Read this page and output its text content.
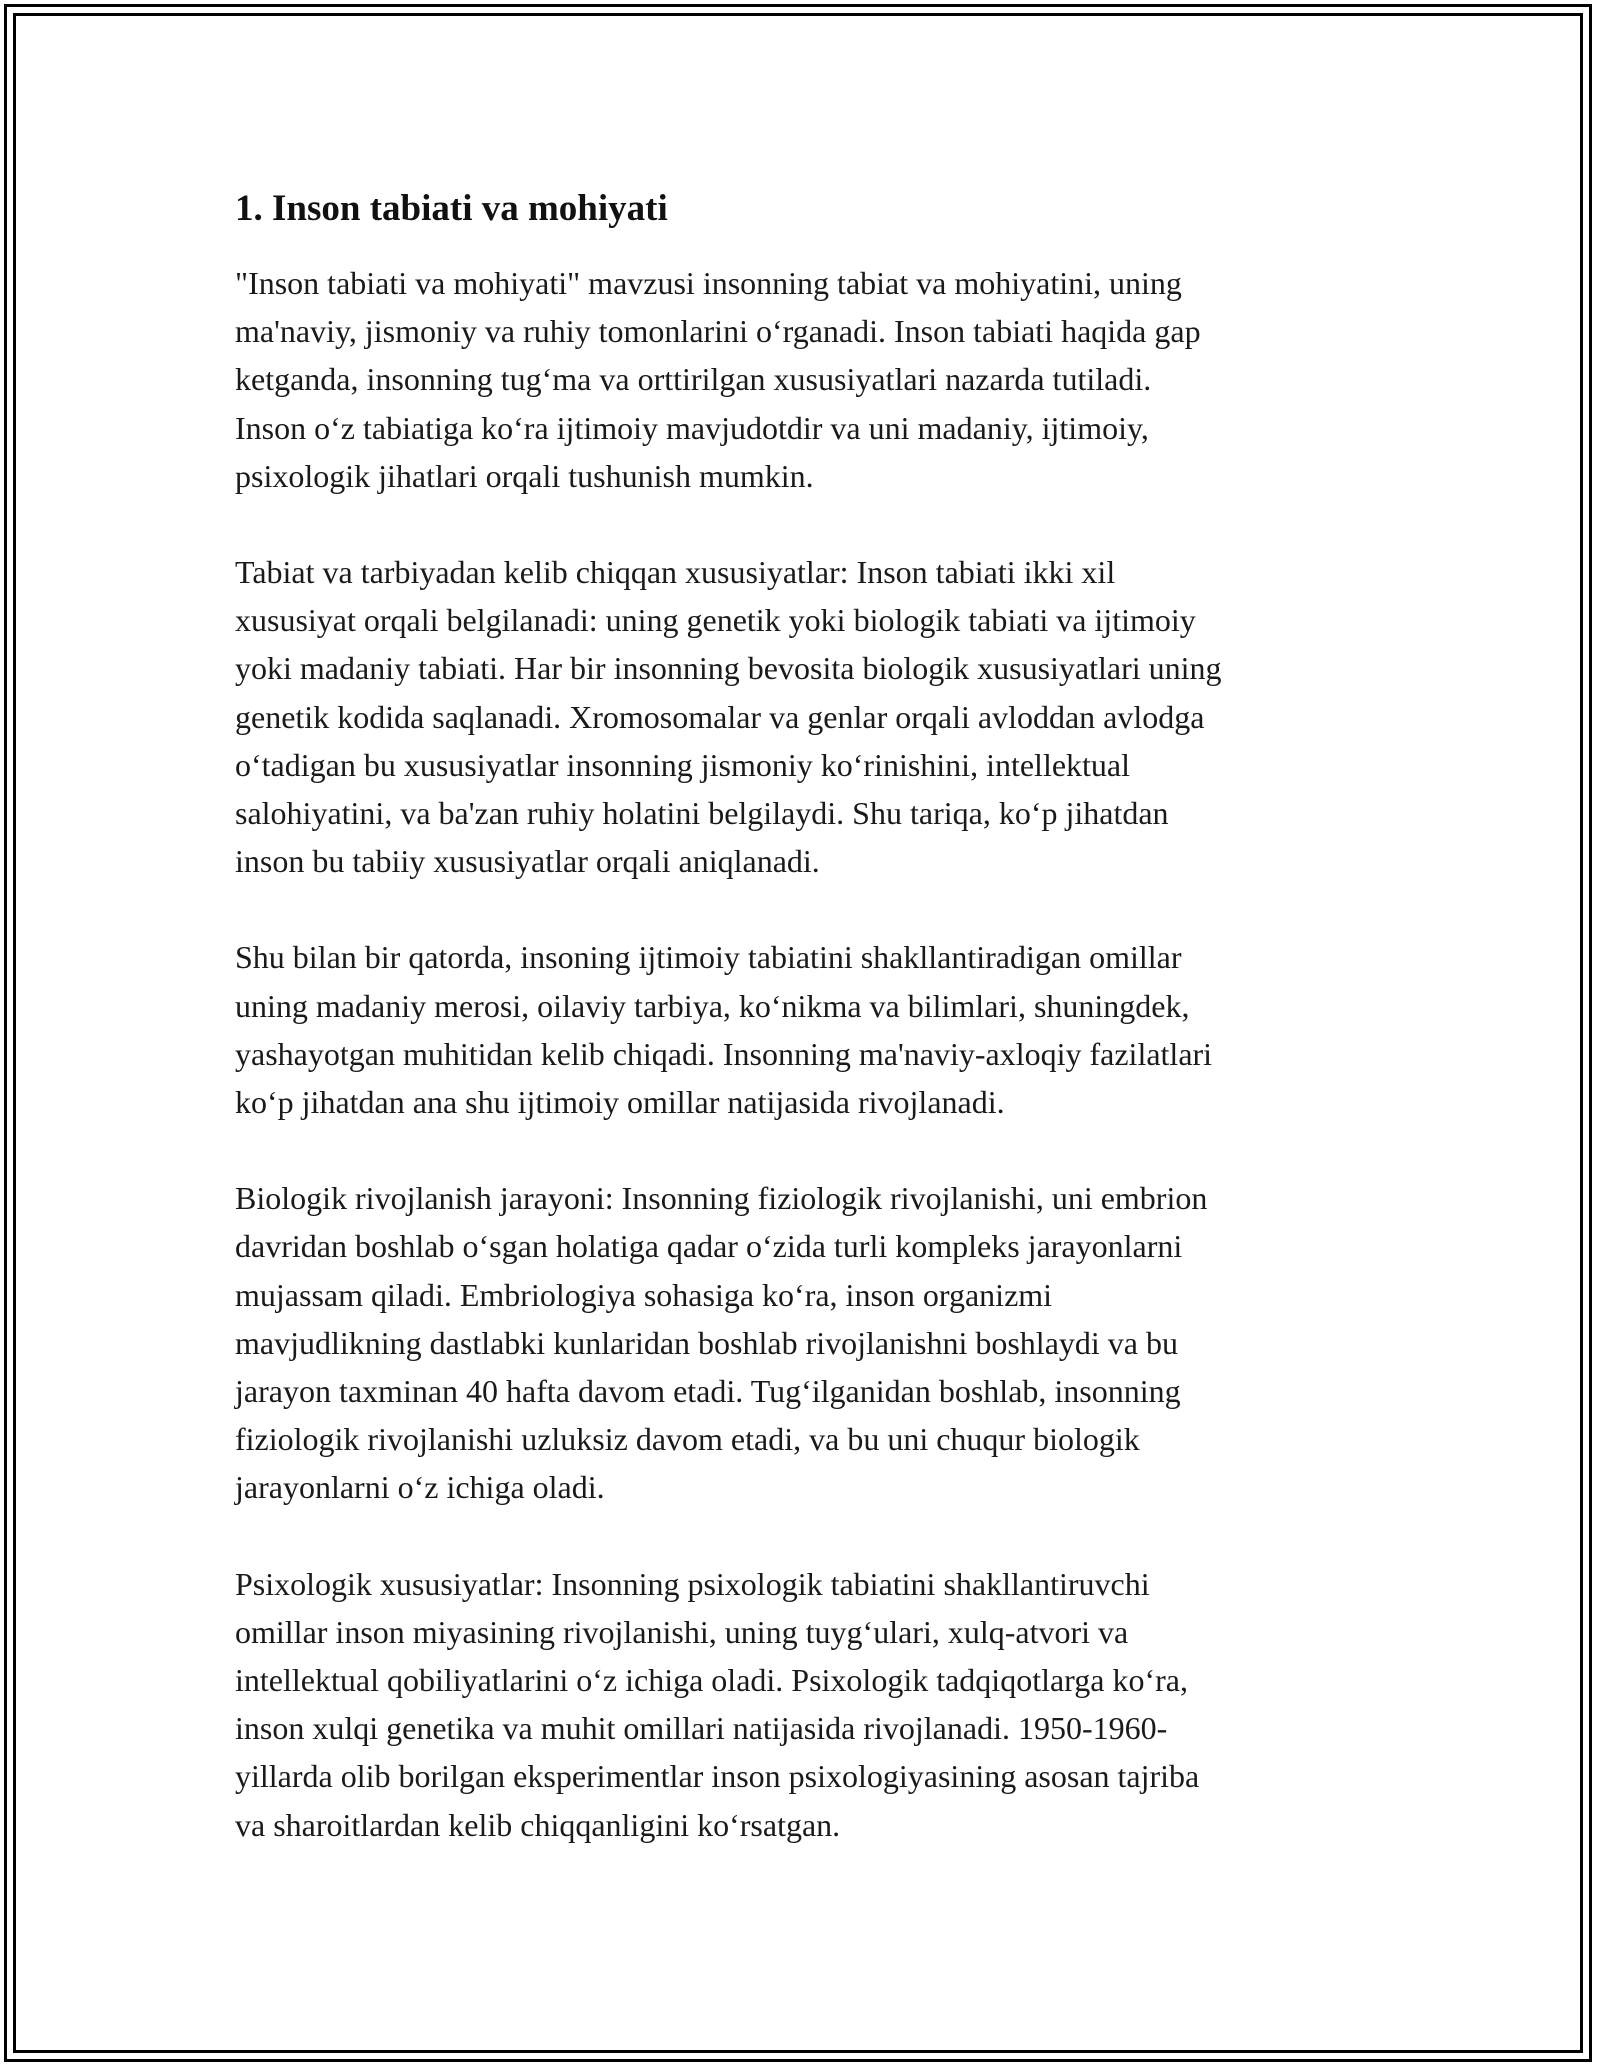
1. Inson tabiati va mohiyati

"Inson tabiati va mohiyati" mavzusi insonning tabiat va mohiyatini, uning
ma'naviy, jismoniy va ruhiy tomonlarini oʻrganadi. Inson tabiati haqida gap
ketganda, insonning tugʻma va orttirilgan xususiyatlari nazarda tutiladi.
Inson oʻz tabiatiga koʻra ijtimoiy mavjudotdir va uni madaniy, ijtimoiy,
psixologik jihatlari orqali tushunish mumkin.

Tabiat va tarbiyadan kelib chiqqan xususiyatlar: Inson tabiati ikki xil
xususiyat orqali belgilanadi: uning genetik yoki biologik tabiati va ijtimoiy
yoki madaniy tabiati. Har bir insonning bevosita biologik xususiyatlari uning
genetik kodida saqlanadi. Xromosomalar va genlar orqali avloddan avlodga
oʻtadigan bu xususiyatlar insonning jismoniy koʻrinishini, intellektual
salohiyatini, va ba'zan ruhiy holatini belgilaydi. Shu tariqa, koʻp jihatdan
inson bu tabiiy xususiyatlar orqali aniqlanadi.

Shu bilan bir qatorda, insoning ijtimoiy tabiatini shakllantiradigan omillar
uning madaniy merosi, oilaviy tarbiya, koʻnikma va bilimlari, shuningdek,
yashayotgan muhitidan kelib chiqadi. Insonning ma'naviy-axloqiy fazilatlari
koʻp jihatdan ana shu ijtimoiy omillar natijasida rivojlanadi.

Biologik rivojlanish jarayoni: Insonning fiziologik rivojlanishi, uni embrion
davridan boshlab oʻsgan holatiga qadar oʻzida turli kompleks jarayonlarni
mujassam qiladi. Embriologiya sohasiga koʻra, inson organizmi
mavjudlikning dastlabki kunlaridan boshlab rivojlanishni boshlaydi va bu
jarayon taxminan 40 hafta davom etadi. Tugʻilganidan boshlab, insonning
fiziologik rivojlanishi uzluksiz davom etadi, va bu uni chuqur biologik
jarayonlarni oʻz ichiga oladi.

Psixologik xususiyatlar: Insonning psixologik tabiatini shakllantiruvchi
omillar inson miyasining rivojlanishi, uning tuygʻulari, xulq-atvori va
intellektual qobiliyatlarini oʻz ichiga oladi. Psixologik tadqiqotlarga koʻra,
inson xulqi genetika va muhit omillari natijasida rivojlanadi. 1950-1960-
yillarda olib borilgan eksperimentlar inson psixologiyasining asosan tajriba
va sharoitlardan kelib chiqqanligini koʻrsatgan.
